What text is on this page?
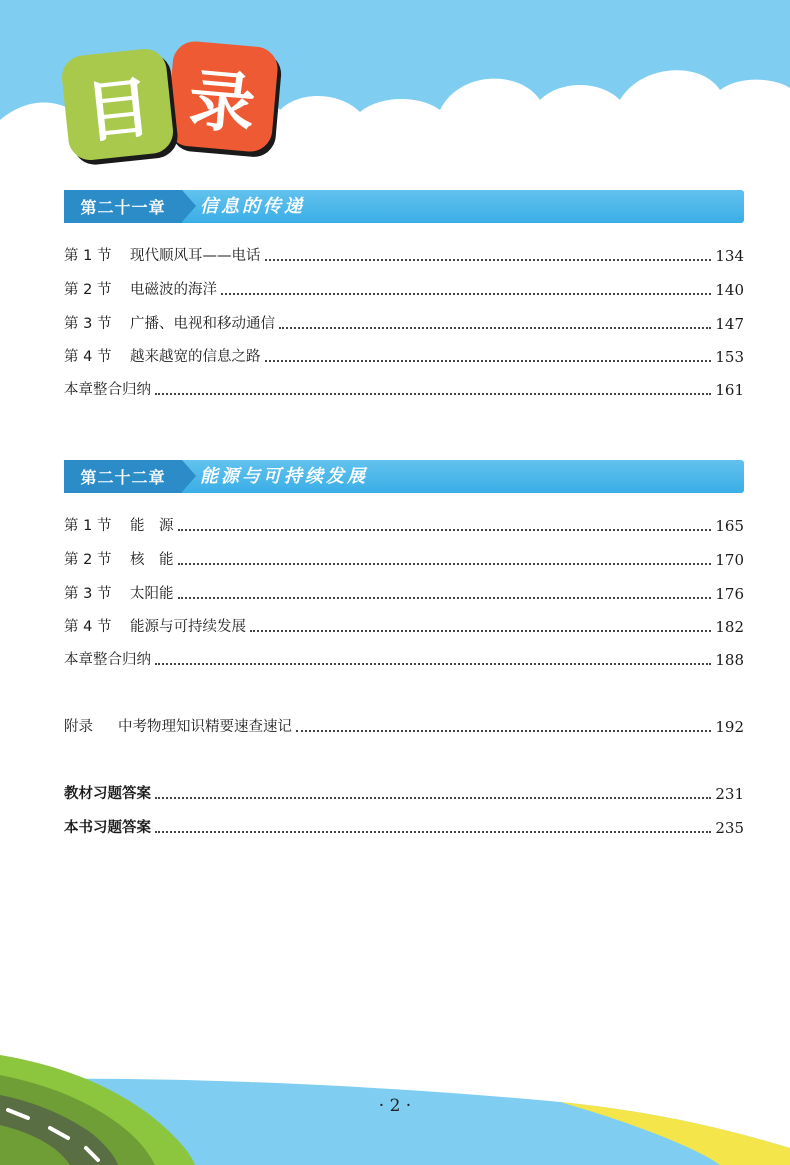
目 录
第二十一章	信息的传递
第 1 节	现代顺风耳——电话	134
第 2 节	电磁波的海洋	140
第 3 节	广播、电视和移动通信	147
第 4 节	越来越宽的信息之路	153
本章整合归纳	161
第二十二章	能源与可持续发展
第 1 节	能　源	165
第 2 节	核　能	170
第 3 节	太阳能	176
第 4 节	能源与可持续发展	182
本章整合归纳	188
附录	中考物理知识精要速查速记	192
教材习题答案	231
本书习题答案	235
· 2 ·
